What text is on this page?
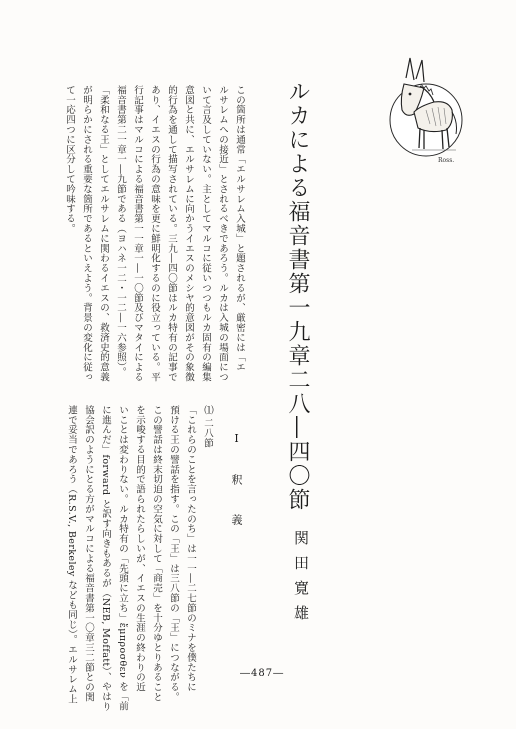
ルカによる福音書第一九章二八―四〇節
関田寛雄
Ⅰ　釈　義
Ross.
この箇所は通常「エルサレム入城」と題されるが、厳密には「エ
ルサレムへの接近」とされるべきであろう。ルカは入城の場面につ
いて言及していない。主としてマルコに従いつつもルカ固有の編集
意図と共に、エルサレムに向かうイエスのメシヤ的意図がその象徴
的行為を通して描写されている。三九―四〇節はルカ特有の記事で
あり、イエスの行為の意味を更に鮮明化するのに役立っている。平
行記事はマルコによる福音書第一一章一―一〇節及びマタイによる
福音書第二一章一―九節である（ヨハネ一二・一二―一六参照）。
「柔和なる王」としてエルサレムに関わるイエスの、救済史的意義
が明らかにされる重要な箇所であるといえよう。背景の変化に従っ
て一応四つに区分して吟味する。
⑴ 二八節
「これらのことを言ったのち」は一一―二七節のミナを僕たちに
預ける王の譬話を指す。この「王」は三八節の「王」につながる。
この譬話は終末切迫の空気に対して「商売」を十分ゆとりあること
を示唆する目的で語られたらしいが、イエスの生涯の終わりの近
いことは変わりない。ルカ特有の「先頭に立ち」ἔμπροσθεν を「前
に進んだ」forward と訳す向きもあるが（NEB, Moffatt）、やはり
協会訳のようにとる方がマルコによる福音書第一〇章三二節との関
連で妥当であろう（R.S.V., Berkeley なども同じ）。エルサレム上	―487―
